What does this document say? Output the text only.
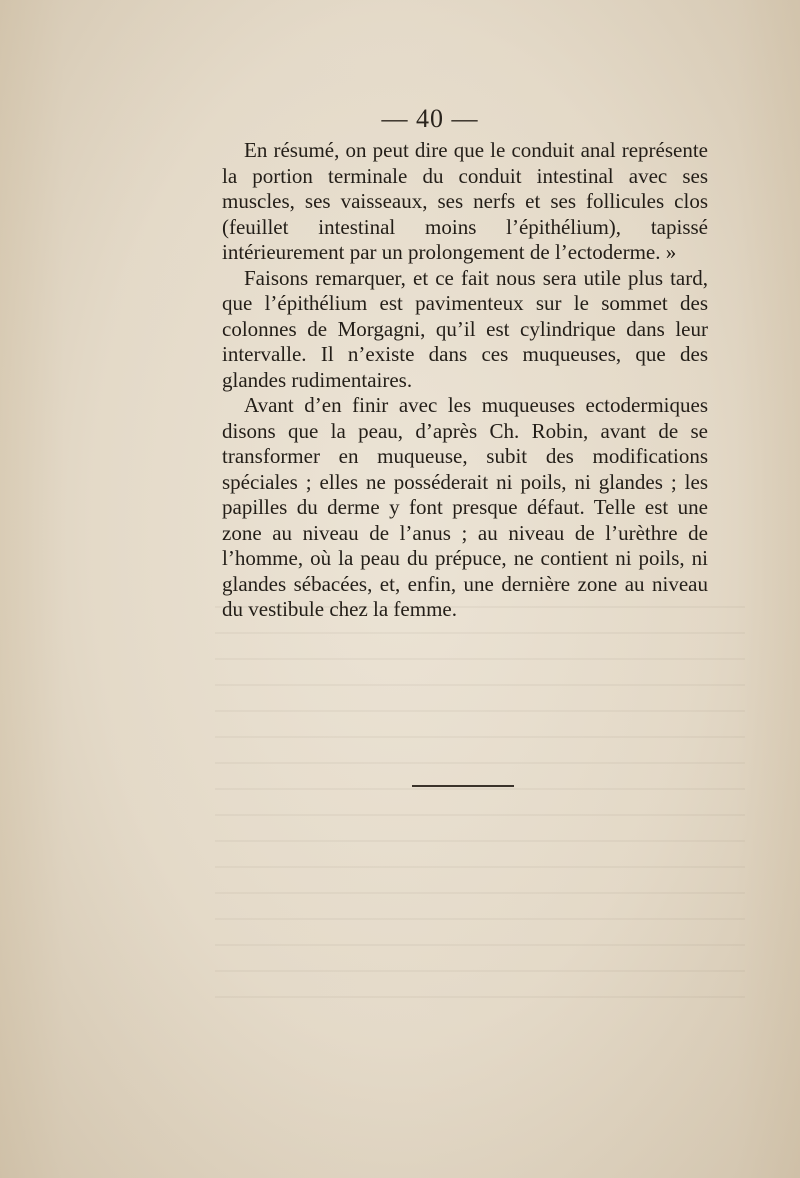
— 40 —

En résumé, on peut dire que le conduit anal représente la portion terminale du conduit intestinal avec ses muscles, ses vaisseaux, ses nerfs et ses follicules clos (feuillet intestinal moins l’épithélium), tapissé intérieurement par un prolongement de l’ectoderme. »

Faisons remarquer, et ce fait nous sera utile plus tard, que l’épithélium est pavimenteux sur le sommet des colonnes de Morgagni, qu’il est cylindrique dans leur intervalle. Il n’existe dans ces muqueuses, que des glandes rudimentaires.

Avant d’en finir avec les muqueuses ectodermiques disons que la peau, d’après Ch. Robin, avant de se transformer en muqueuse, subit des modifications spéciales ; elles ne posséderait ni poils, ni glandes ; les papilles du derme y font presque défaut. Telle est une zone au niveau de l’anus ; au niveau de l’urèthre de l’homme, où la peau du prépuce, ne contient ni poils, ni glandes sébacées, et, enfin, une dernière zone au niveau du vestibule chez la femme.
